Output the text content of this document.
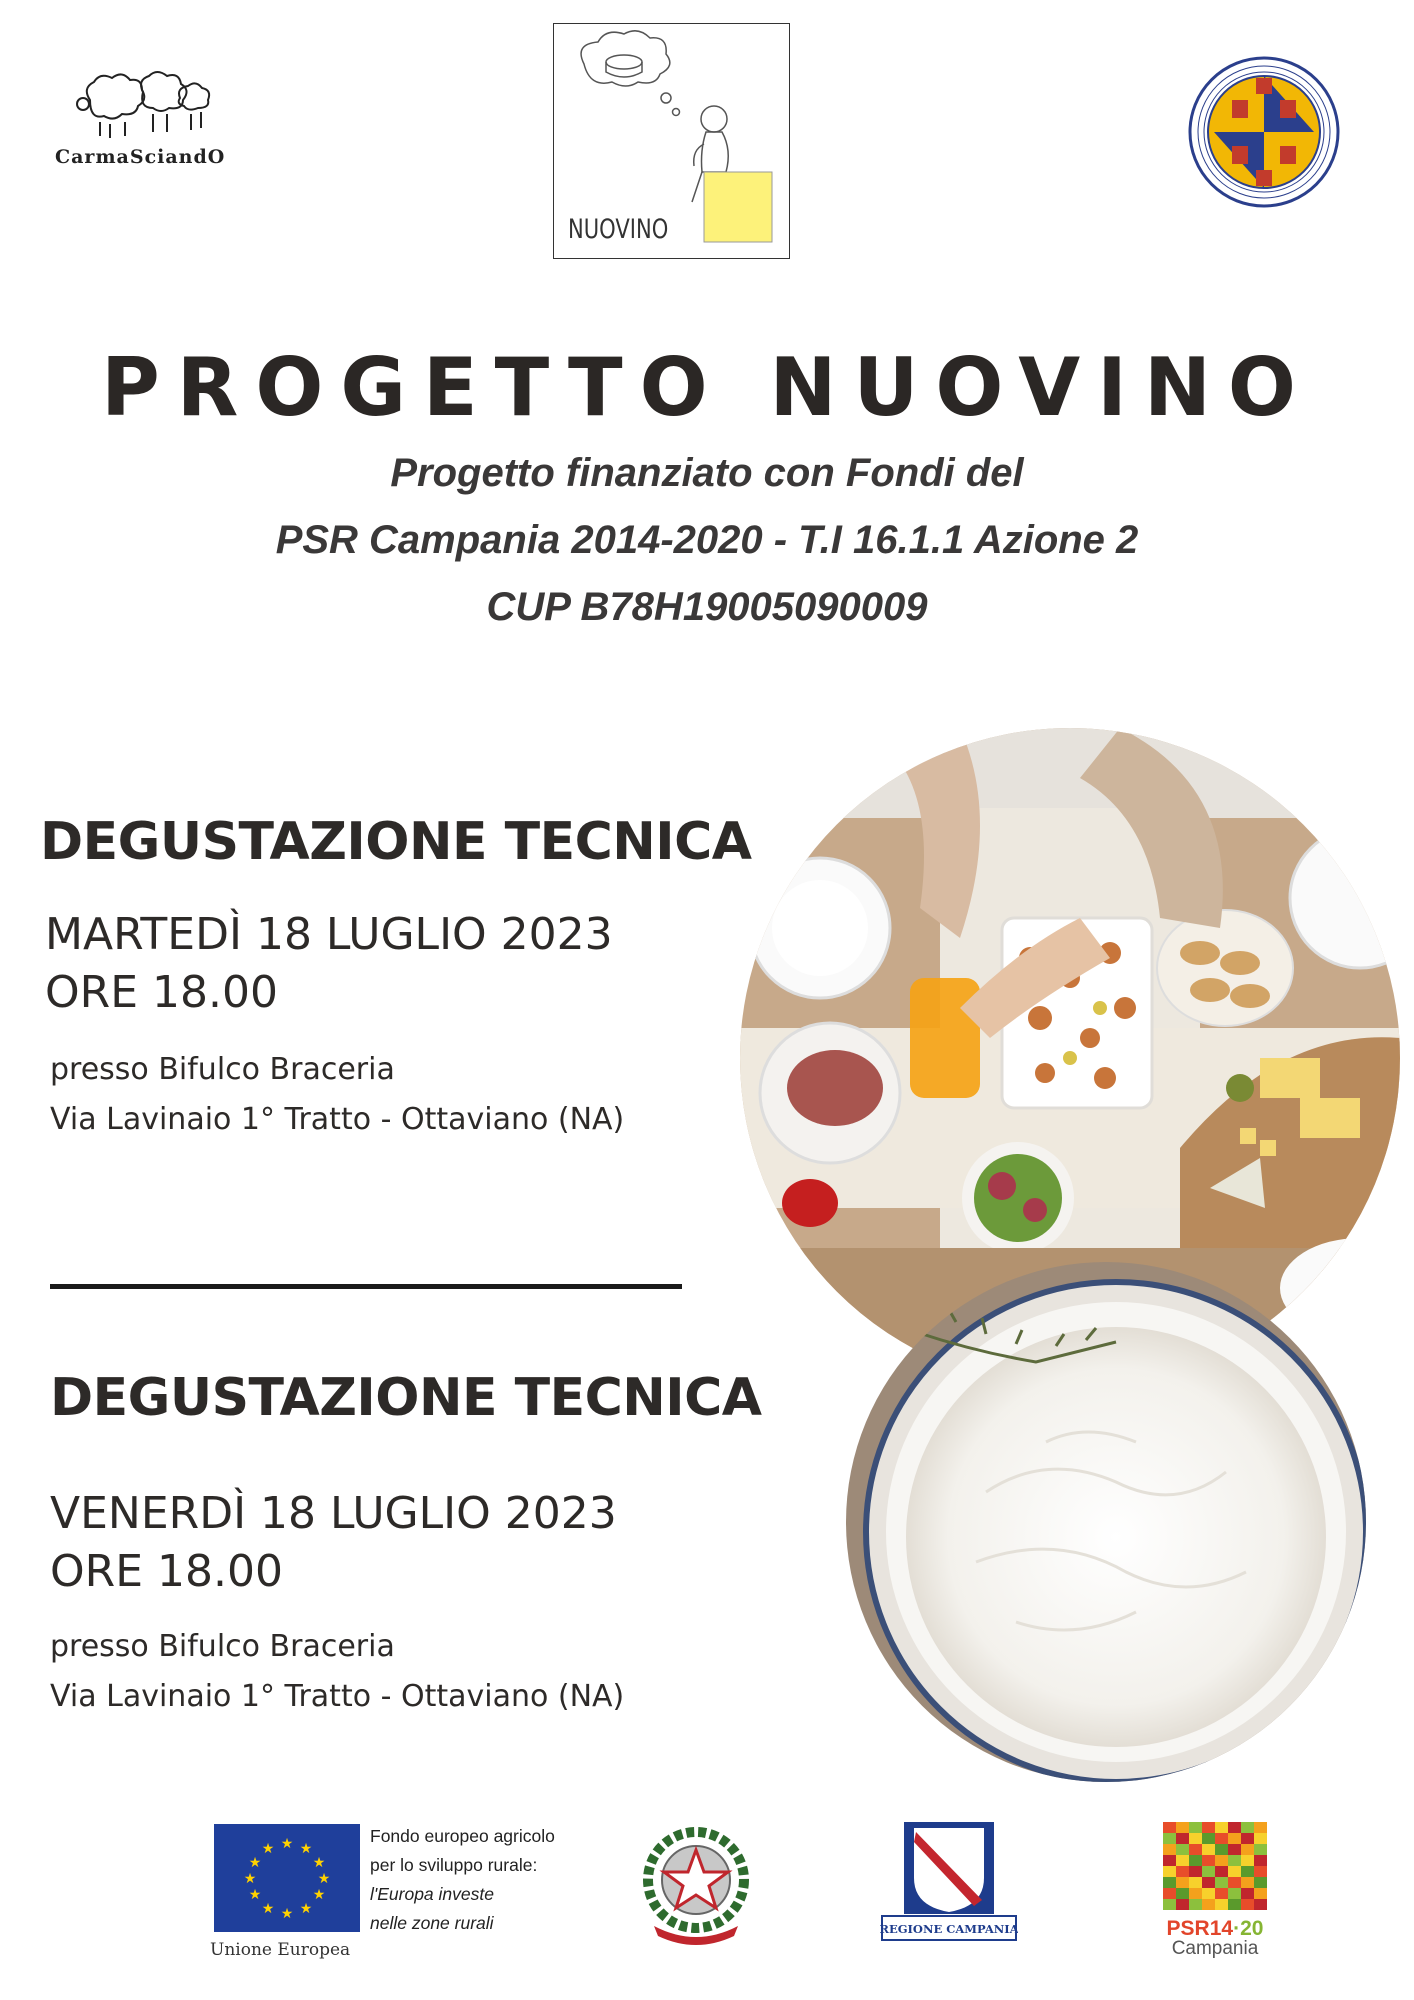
CarmaSciandO
NUOVINO
PROGETTO NUOVINO
Progetto finanziato con Fondi del
PSR Campania 2014-2020 - T.I 16.1.1 Azione 2
CUP B78H19005090009
DEGUSTAZIONE TECNICA
MARTEDÌ 18 LUGLIO 2023
ORE 18.00
presso Bifulco Braceria
Via Lavinaio 1° Tratto - Ottaviano (NA)
DEGUSTAZIONE TECNICA
VENERDÌ 18 LUGLIO 2023
ORE 18.00
presso Bifulco Braceria
Via Lavinaio 1° Tratto - Ottaviano (NA)
★ ★
★
★
★
★
★
★
★
★
★
★
Unione Europea
Fondo europeo agricolo
per lo sviluppo rurale:
l'Europa investe
nelle zone rurali	REGIONE CAMPANIA	PSR14·20
Campania
